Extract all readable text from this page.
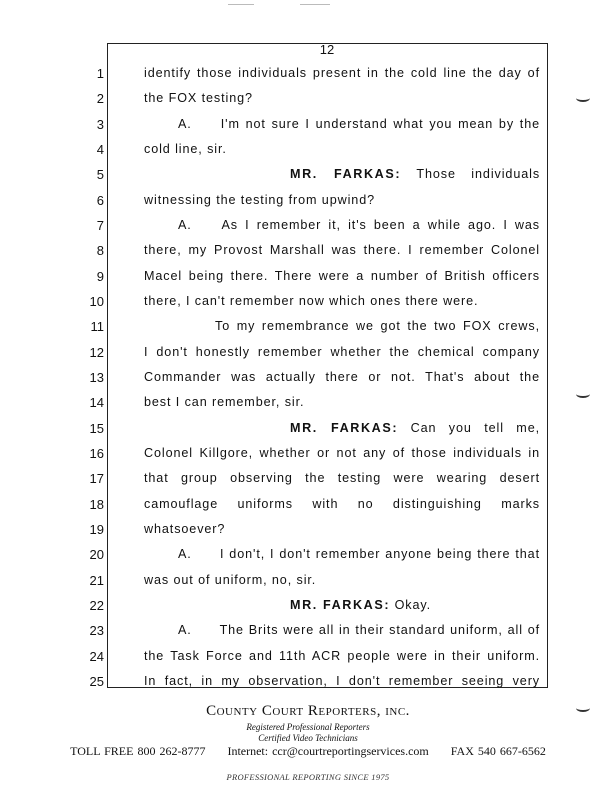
12
1	identify those individuals present in the cold line the day of
2	the FOX testing?
3	A. I'm not sure I understand what you mean by the
4	cold line, sir.
5	MR. FARKAS: Those individuals
6	witnessing the testing from upwind?
7	A. As I remember it, it's been a while ago. I was
8	there, my Provost Marshall was there. I remember Colonel
9	Macel being there. There were a number of British officers
10	there, I can't remember now which ones there were.
11	To my remembrance we got the two FOX crews,
12	I don't honestly remember whether the chemical company
13	Commander was actually there or not. That's about the
14	best I can remember, sir.
15	MR. FARKAS: Can you tell me,
16	Colonel Killgore, whether or not any of those individuals in
17	that group observing the testing were wearing desert
18	camouflage uniforms with no distinguishing marks
19	whatsoever?
20	A. I don't, I don't remember anyone being there that
21	was out of uniform, no, sir.
22	MR. FARKAS: Okay.
23	A. The Brits were all in their standard uniform, all of
24	the Task Force and 11th ACR people were in their uniform.
25	In fact, in my observation, I don't remember seeing very
County Court Reporters, inc.
Registered Professional Reporters
Certified Video Technicians
TOLL FREE 800 262-8777 Internet: ccr@courtreportingservices.com FAX 540 667-6562
PROFESSIONAL REPORTING SINCE 1975
